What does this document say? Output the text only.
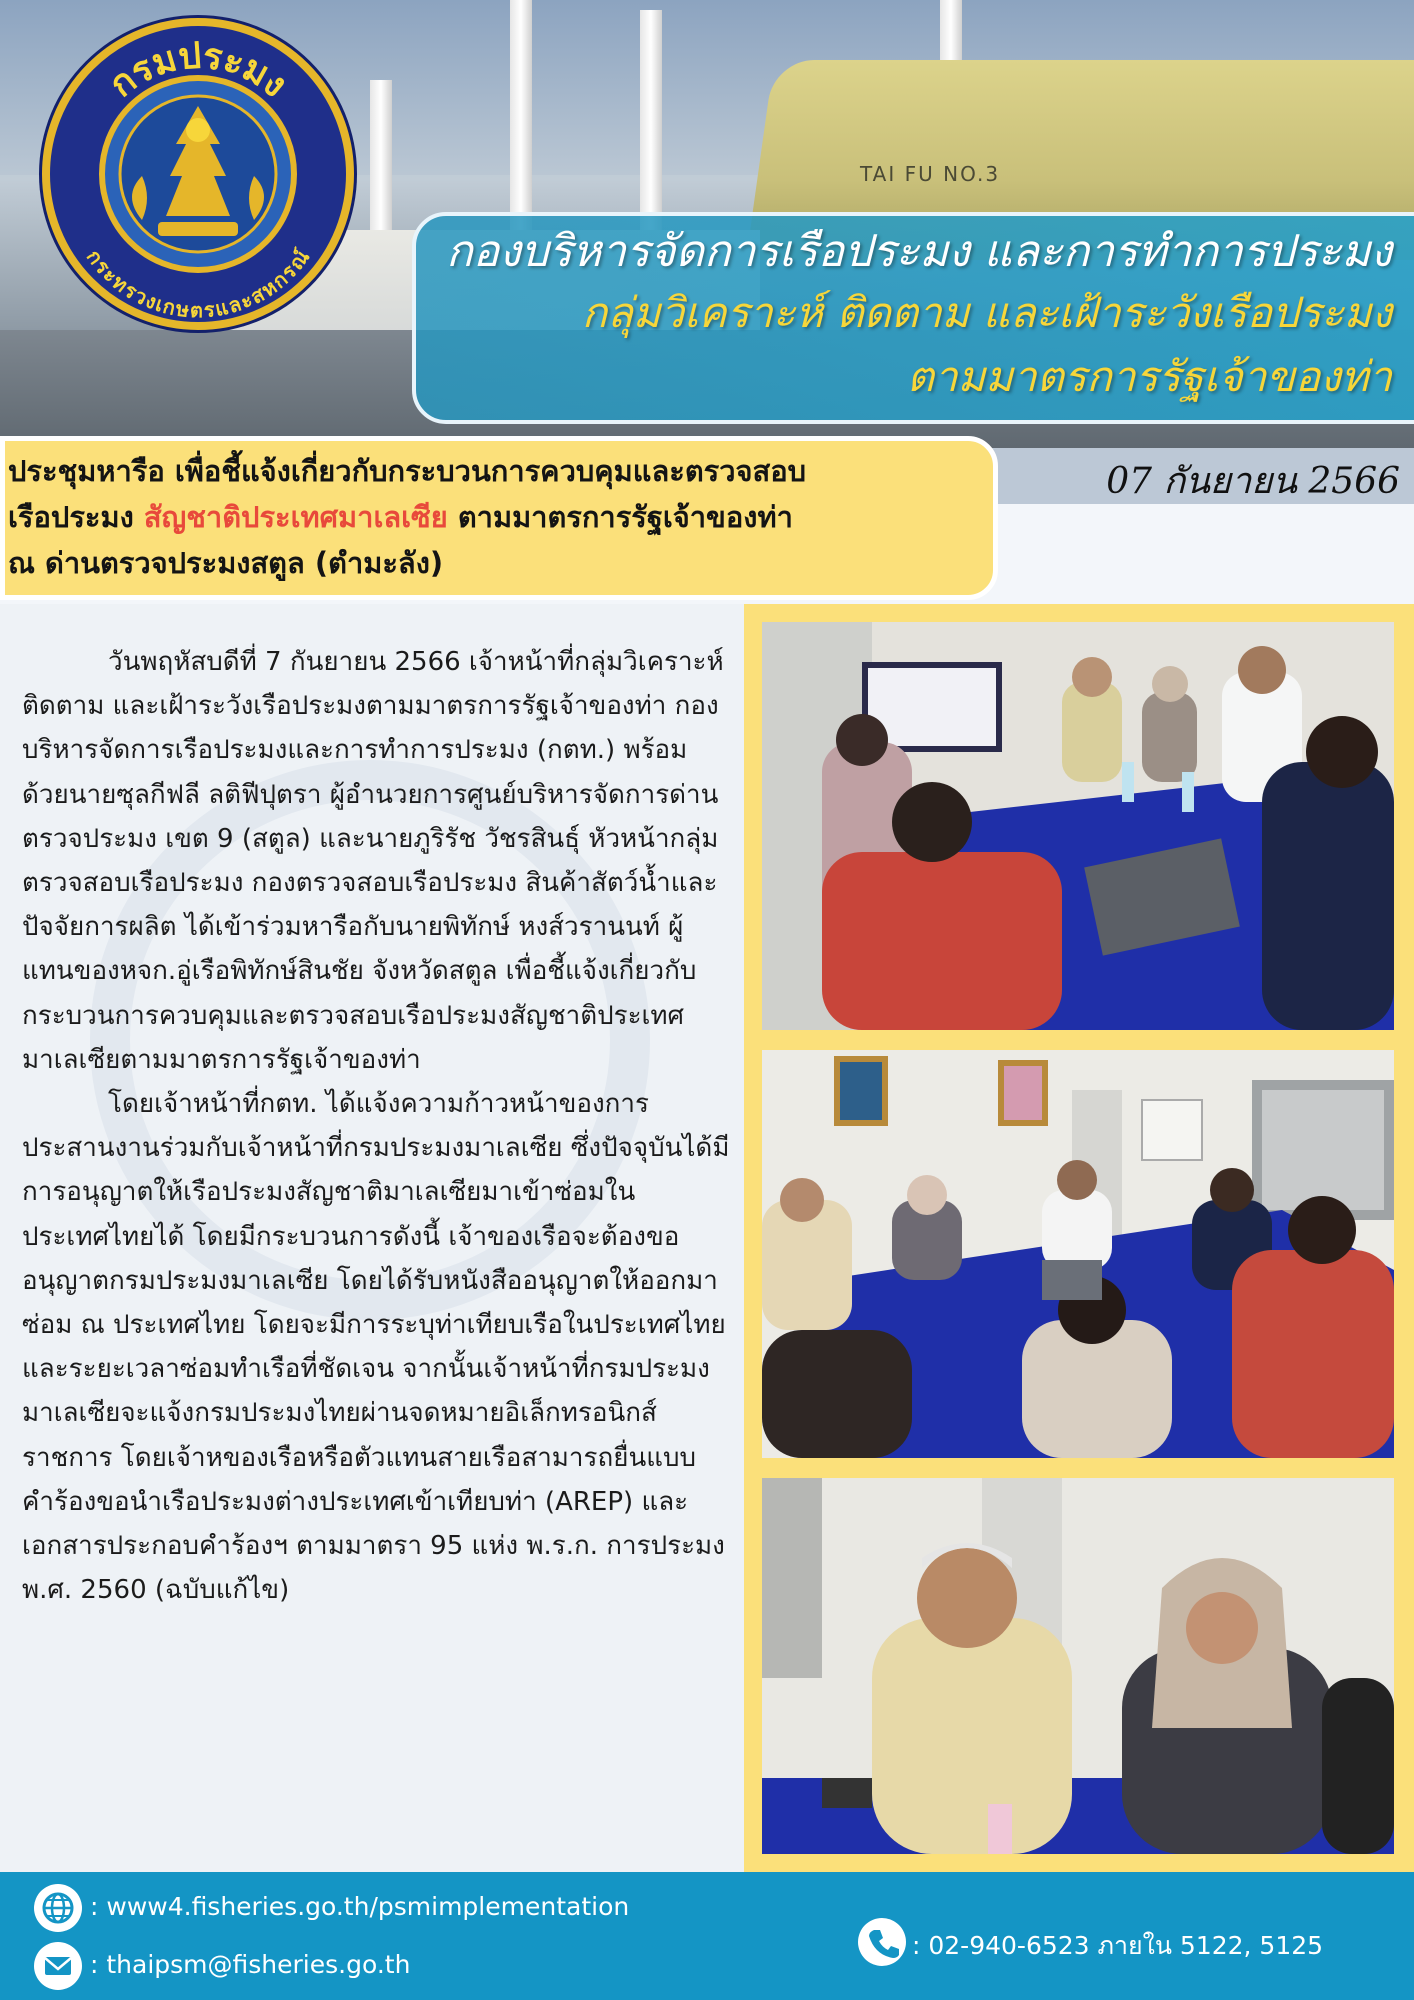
TAI FU NO.3
กรมประมง
กระทรวงเกษตรและสหกรณ์	กองบริหารจัดการเรือประมง และการทำการประมง
กลุ่มวิเคราะห์ ติดตาม และเฝ้าระวังเรือประมง
ตามมาตรการรัฐเจ้าของท่า
07 กันยายน 2566
ประชุมหารือ เพื่อชี้แจ้งเกี่ยวกับกระบวนการควบคุมและตรวจสอบ
เรือประมง สัญชาติประเทศมาเลเซีย ตามมาตรการรัฐเจ้าของท่า
ณ ด่านตรวจประมงสตูล (ตำมะลัง)

วันพฤหัสบดีที่ 7 กันยายน 2566 เจ้าหน้าที่กลุ่มวิเคราะห์ ติดตาม และเฝ้าระวังเรือประมงตามมาตรการรัฐเจ้าของท่า กองบริหารจัดการเรือประมงและการทำการประมง (กตท.) พร้อมด้วยนายซุลกีฟลี ลติฟีปุตรา ผู้อำนวยการศูนย์บริหารจัดการด่านตรวจประมง เขต 9 (สตูล) และนายภูริรัช วัชรสินธุ์ หัวหน้ากลุ่มตรวจสอบเรือประมง กองตรวจสอบเรือประมง สินค้าสัตว์น้ำและปัจจัยการผลิต ได้เข้าร่วมหารือกับนายพิทักษ์ หงส์วรานนท์ ผู้แทนของหจก.อู่เรือพิทักษ์สินชัย จังหวัดสตูล เพื่อชี้แจ้งเกี่ยวกับกระบวนการควบคุมและตรวจสอบเรือประมงสัญชาติประเทศมาเลเซียตามมาตรการรัฐเจ้าของท่า

โดยเจ้าหน้าที่กตท. ได้แจ้งความก้าวหน้าของการประสานงานร่วมกับเจ้าหน้าที่กรมประมงมาเลเซีย ซึ่งปัจจุบันได้มีการอนุญาตให้เรือประมงสัญชาติมาเลเซียมาเข้าซ่อมในประเทศไทยได้ โดยมีกระบวนการดังนี้ เจ้าของเรือจะต้องขออนุญาตกรมประมงมาเลเซีย โดยได้รับหนังสืออนุญาตให้ออกมาซ่อม ณ ประเทศไทย โดยจะมีการระบุท่าเทียบเรือในประเทศไทยและระยะเวลาซ่อมทำเรือที่ชัดเจน จากนั้นเจ้าหน้าที่กรมประมงมาเลเซียจะแจ้งกรมประมงไทยผ่านจดหมายอิเล็กทรอนิกส์ราชการ โดยเจ้าหของเรือหรือตัวแทนสายเรือสามารถยื่นแบบคำร้องขอนำเรือประมงต่างประเทศเข้าเทียบท่า (AREP) และเอกสารประกอบคำร้องฯ ตามมาตรา 95 แห่ง พ.ร.ก. การประมง พ.ศ. 2560 (ฉบับแก้ไข)

: www4.fisheries.go.th/psmimplementation
: thaipsm@fisheries.go.th
: 02-940-6523 ภายใน 5122, 5125
